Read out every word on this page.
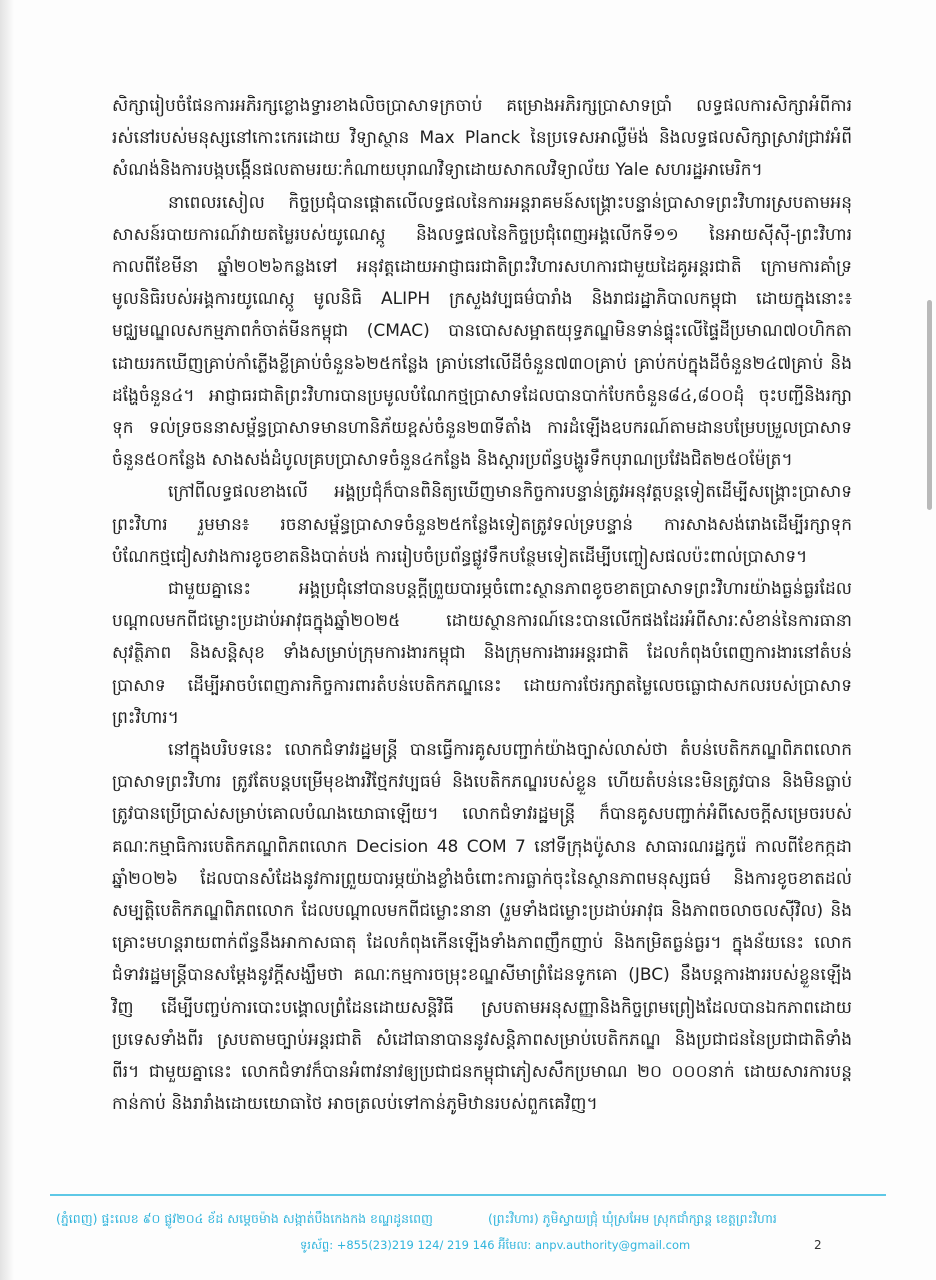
សិក្សារៀបចំផែនការអភិរក្សខ្លោងទ្វារខាងលិចប្រាសាទក្រចាប់ គម្រោងអភិរក្សប្រាសាទប្រាំ លទ្ធផលការសិក្សាអំពីការរស់នៅរបស់មនុស្សនៅកោះកេរដោយ វិទ្យាស្ថាន Max Planck នៃប្រទេសអាល្លឺម៉ង់ និងលទ្ធផលសិក្សាស្រាវជ្រាវអំពីសំណង់និងការបង្កបង្កើនផលតាមរយៈកំណាយបុរាណវិទ្យាដោយសាកលវិទ្យាល័យ Yale សហរដ្ឋអាមេរិក។

នាពេលរសៀល កិច្ចប្រជុំបានផ្តោតលើលទ្ធផលនៃការអន្តរាគមន៍សង្គ្រោះបន្ទាន់ប្រាសាទព្រះវិហារស្របតាមអនុសាសន៍របាយការណ៍វាយតម្លៃរបស់យូណេស្កូ និងលទ្ធផលនៃកិច្ចប្រជុំពេញអង្គលើកទី១១ នៃអាយស៊ីស៊ី-ព្រះវិហារ កាលពីខែមីនា ឆ្នាំ២០២៦កន្លងទៅ អនុវត្តដោយអាជ្ញាធរជាតិព្រះវិហារសហការជាមួយដៃគូអន្តរជាតិ ក្រោមការគាំទ្រមូលនិធិរបស់អង្គការយូណេស្កូ មូលនិធិ ALIPH ក្រសួងវប្បធម៌បារាំង និងរាជរដ្ឋាភិបាលកម្ពុជា ដោយក្នុងនោះ៖ មជ្ឈមណ្ឌលសកម្មភាពកំចាត់មីនកម្ពុជា (CMAC) បានបោសសម្អាតយុទ្ធភណ្ឌមិនទាន់ផ្ទុះលើផ្ទៃដីប្រមាណ៧០ហិកតា ដោយរកឃើញគ្រាប់កាំភ្លើងខ្លីគ្រាប់ចំនួន៦២៥កន្លែង គ្រាប់នៅលើដីចំនួន៧៣០គ្រាប់ គ្រាប់កប់ក្នុងដីចំនួន២៤៧គ្រាប់ និងដង្ហែចំនួន៤។ អាជ្ញាធរជាតិព្រះវិហារបានប្រមូលបំណែកថ្មប្រាសាទដែលបានបាក់បែកចំនួន៨៤,៨០០ដុំ ចុះបញ្ជីនិងរក្សាទុក ទល់ទ្រចននាសម្ព័ន្ធប្រាសាទមានហានិភ័យខ្ពស់ចំនួន២៣ទីតាំង ការដំឡើងឧបករណ៍តាមដានបម្រែបម្រួលប្រាសាទចំនួន៥០កន្លែង សាងសង់ដំបូលគ្របប្រាសាទចំនួន៤កន្លែង និងស្តារប្រព័ន្ធបង្ហូរទឹកបុរាណប្រវែងជិត២៥០ម៉ែត្រ។

ក្រៅពីលទ្ធផលខាងលើ អង្គប្រជុំក៏បានពិនិត្យឃើញមានកិច្ចការបន្ទាន់ត្រូវអនុវត្តបន្តទៀតដើម្បីសង្គ្រោះប្រាសាទព្រះវិហារ រួមមាន៖ រចនាសម្ព័ន្ធប្រាសាទចំនួន២៥កន្លែងទៀតត្រូវទល់ទ្របន្ទាន់ ការសាងសង់រោងដើម្បីរក្សាទុកបំណែកថ្មជៀសវាងការខូចខាតនិងបាត់បង់ ការរៀបចំប្រព័ន្ធផ្លូវទឹកបន្ថែមទៀតដើម្បីបញ្ចៀសផលប៉ះពាល់ប្រាសាទ។

ជាមួយគ្នានេះ អង្គប្រជុំនៅបានបន្តក្តីព្រួយបារម្ភចំពោះស្ថានភាពខូចខាតប្រាសាទព្រះវិហារយ៉ាងធ្ងន់ធ្ងរដែលបណ្តាលមកពីជម្លោះប្រដាប់អាវុធក្នុងឆ្នាំ២០២៥ ដោយស្ថានការណ៍នេះបានលើកផងដែរអំពីសារៈសំខាន់នៃការធានាសុវត្ថិភាព និងសន្តិសុខ ទាំងសម្រាប់ក្រុមការងារកម្ពុជា និងក្រុមការងារអន្តរជាតិ ដែលកំពុងបំពេញការងារនៅតំបន់ប្រាសាទ ដើម្បីអាចបំពេញភារកិច្ចការពារតំបន់បេតិកភណ្ឌនេះ ដោយការថែរក្សាតម្លៃលេចធ្លោជាសកលរបស់ប្រាសាទព្រះវិហារ។

នៅក្នុងបរិបទនេះ លោកជំទាវរដ្ឋមន្ត្រី បានធ្វើការគូសបញ្ជាក់យ៉ាងច្បាស់លាស់ថា តំបន់បេតិកភណ្ឌពិភពលោកប្រាសាទព្រះវិហារ ត្រូវតែបន្តបម្រើមុខងារវិថ្មែកវប្បធម៌ និងបេតិកភណ្ឌរបស់ខ្លួន ហើយតំបន់នេះមិនត្រូវបាន និងមិនធ្លាប់ត្រូវបានប្រើប្រាស់សម្រាប់គោលបំណងយោធាឡើយ។ លោកជំទាវរដ្ឋមន្ត្រី ក៏បានគូសបញ្ជាក់អំពីសេចក្តីសម្រេចរបស់គណៈកម្មាធិការបេតិកភណ្ឌពិភពលោក Decision 48 COM 7 នៅទីក្រុងប៉ូសាន សាធារណរដ្ឋកូរ៉េ កាលពីខែកក្កដា ឆ្នាំ២០២៦ ដែលបានសំដែងនូវការព្រួយបារម្ភយ៉ាងខ្លាំងចំពោះការធ្លាក់ចុះនៃស្ថានភាពមនុស្សធម៌ និងការខូចខាតដល់សម្បត្តិបេតិកភណ្ឌពិភពលោក ដែលបណ្តាលមកពីជម្លោះនានា (រួមទាំងជម្លោះប្រដាប់អាវុធ និងភាពចលាចលស៊ីវិល) និងគ្រោះមហន្តរាយពាក់ព័ន្ធនឹងអាកាសធាតុ ដែលកំពុងកើនឡើងទាំងភាពញឹកញាប់ និងកម្រិតធ្ងន់ធ្ងរ។ ក្នុងន័យនេះ លោកជំទាវរដ្ឋមន្ត្រីបានសម្តែងនូវក្តីសង្ឃឹមថា គណៈកម្មការចម្រុះខណ្ឌសីមាព្រំដែនទូកគោ (JBC) នឹងបន្តការងាររបស់ខ្លួនឡើងវិញ ដើម្បីបញ្ចប់ការបោះបង្គោលព្រំដែនដោយសន្តិវិធី ស្របតាមអនុសញ្ញានិងកិច្ចព្រមព្រៀងដែលបានឯកភាពដោយប្រទេសទាំងពីរ ស្របតាមច្បាប់អន្តរជាតិ សំដៅធានាបាននូវសន្តិភាពសម្រាប់បេតិកភណ្ឌ និងប្រជាជននៃប្រជាជាតិទាំងពីរ។ ជាមួយគ្នានេះ លោកជំទាវក៏បានអំពាវនាវឲ្យប្រជាជនកម្ពុជាភៀសសឹកប្រមាណ ២០ ០០០នាក់ ដោយសារការបន្តកាន់កាប់ និងរារាំងដោយយោធាថៃ អាចត្រលប់ទៅកាន់ភូមិឋានរបស់ពួកគេវិញ។

(ភ្នំពេញ) ផ្ទះលេខ ៩០ ផ្លូវ២០៤ ខ័ដ សម្តេចម៉ាង សង្កាត់បឹងកេងកង ខណ្ឌដូនពេញ	(ព្រះវិហារ) ភូមិស្វាយជ្រុំ ឃុំស្រអែម ស្រុកជាំក្សាន្ត ខេត្តព្រះវិហារ
ទូរស័ព្ទ: +855(23)219 124/ 219 146 អ៊ីមែល: anpv.authority@gmail.com	2
